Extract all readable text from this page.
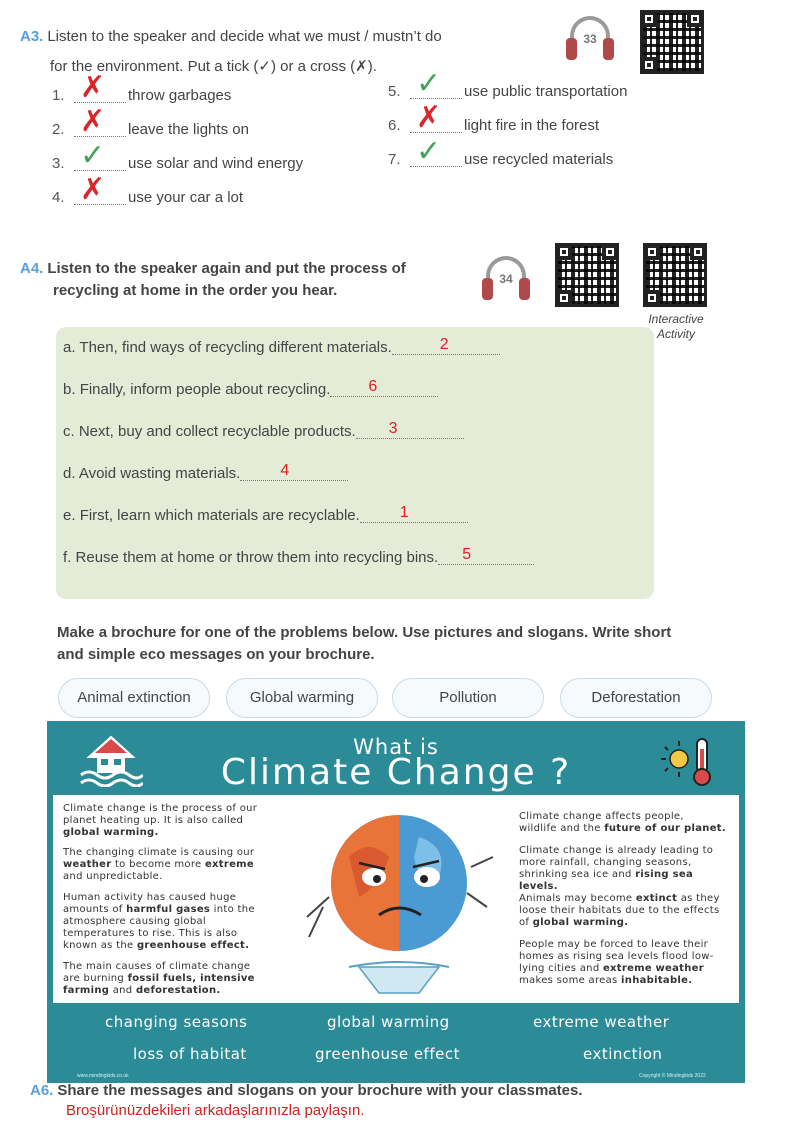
A3. Listen to the speaker and decide what we must / mustn’t do
for the environment. Put a tick (✓) or a cross (✗).
33
1. ✗ throw garbages
2. ✗ leave the lights on
3. ✓ use solar and wind energy
4. ✗ use your car a lot
5. ✓ use public transportation
6. ✗ light fire in the forest
7. ✓ use recycled materials
A4. Listen to the speaker again and put the process of
recycling at home in the order you hear.
34
Interactive
Activity
a. Then, find ways of recycling different materials.	2
b. Finally, inform people about recycling. 6
c. Next, buy and collect recyclable products. 3
d. Avoid wasting materials.	4
e. First, learn which materials are recyclable.	1
f. Reuse them at home or throw them into recycling bins. 5
Make a brochure for one of the problems below. Use pictures and slogans. Write short
and simple eco messages on your brochure.
Animal extinction	Global warming	Pollution	Deforestation
What is
Climate Change ?
Climate change is the process of our
planet heating up. It is also called
global warming.
The changing climate is causing our
weather to become more extreme
and unpredictable.
Human activity has caused huge
amounts of harmful gases into the
atmosphere causing global
temperatures to rise. This is also
known as the greenhouse effect.
The main causes of climate change
are burning fossil fuels, intensive
farming and deforestation.
Climate change affects people,
wildlife and the future of our planet.
Climate change is already leading to
more rainfall, changing seasons,
shrinking sea ice and rising sea levels.
Animals may become extinct as they
loose their habitats due to the effects
of global warming.
People may be forced to leave their
homes as rising sea levels flood low-
lying cities and extreme weather
makes some areas inhabitable.
changing seasons	global warming	extreme weather
loss of habitat	greenhouse effect	extinction
www.mindingkids.co.uk	Copyright © Mindingkids 2022
A6. Share the messages and slogans on your brochure with your classmates.
Broşürünüzdekileri arkadaşlarınızla paylaşın.
